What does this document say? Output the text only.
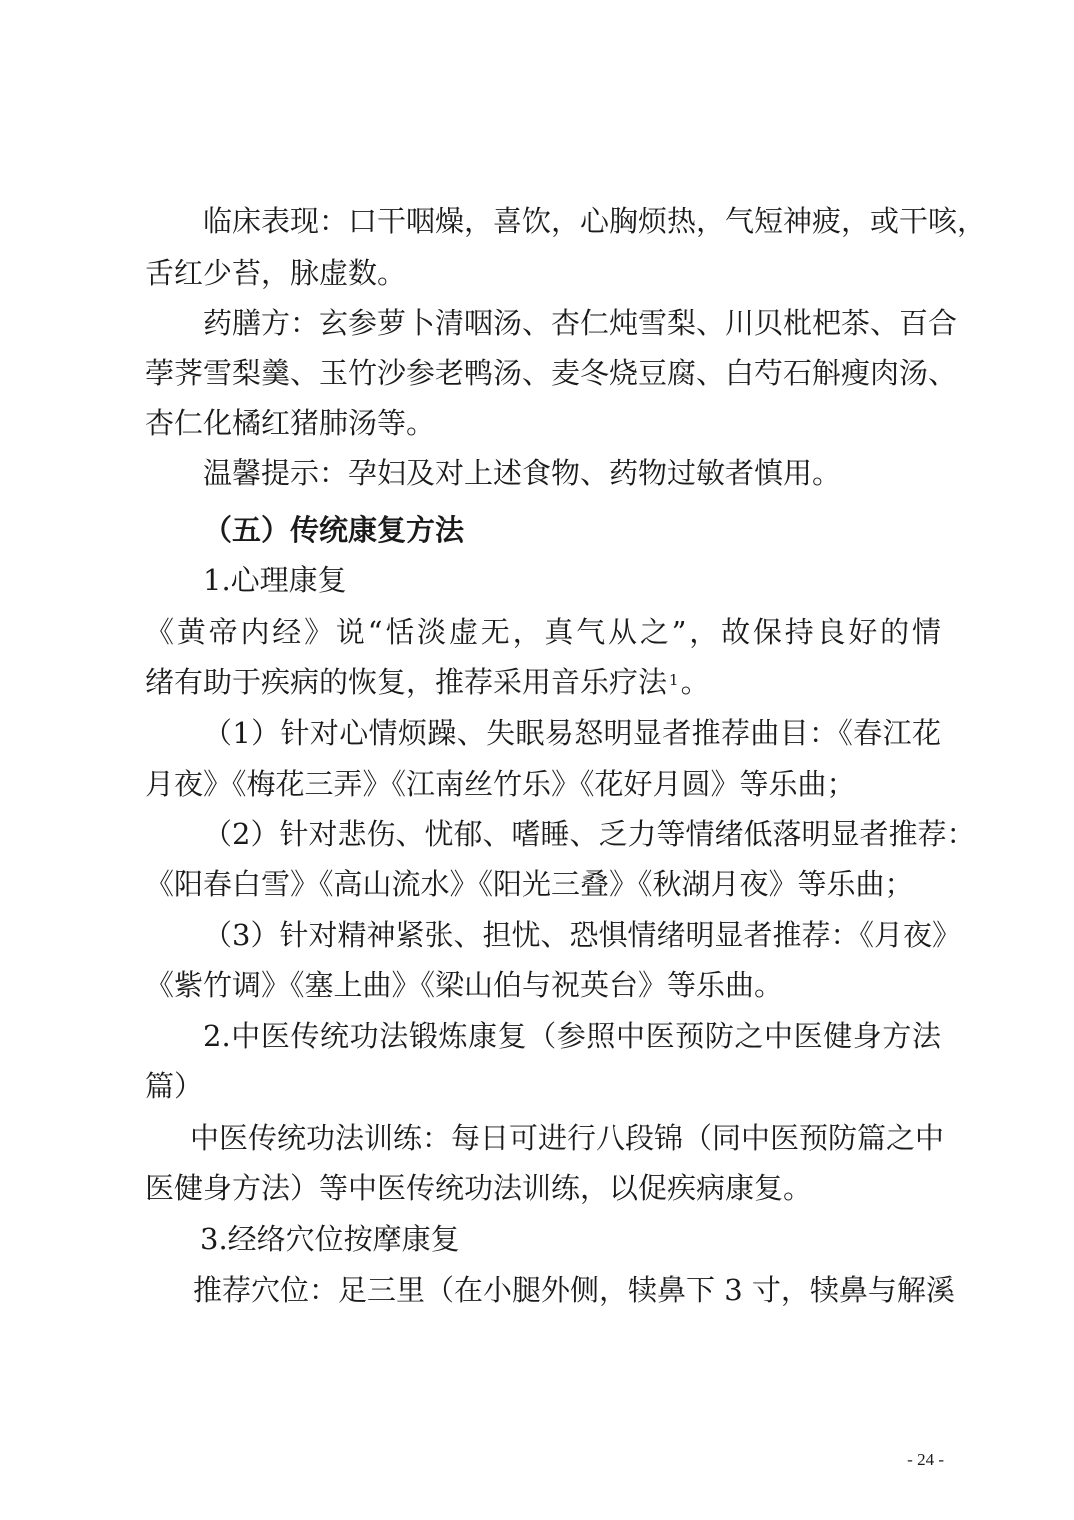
临床表现：口干咽燥，喜饮，心胸烦热，气短神疲，或干咳，

舌红少苔，脉虚数。

药膳方：玄参萝卜清咽汤、杏仁炖雪梨、川贝枇杷茶、百合

荸荠雪梨羹、玉竹沙参老鸭汤、麦冬烧豆腐、白芍石斛瘦肉汤、

杏仁化橘红猪肺汤等。

温馨提示：孕妇及对上述食物、药物过敏者慎用。

（五）传统康复方法

1.心理康复

《黄帝内经》说“恬淡虚无，真气从之”，故保持良好的情

绪有助于疾病的恢复，推荐采用音乐疗法 $^1$。

（1）针对心情烦躁、失眠易怒明显者推荐曲目：《春江花

月夜》《梅花三弄》《江南丝竹乐》《花好月圆》等乐曲；

（2）针对悲伤、忧郁、嗜睡、乏力等情绪低落明显者推荐：

《阳春白雪》《高山流水》《阳光三叠》《秋湖月夜》等乐曲；

（3）针对精神紧张、担忧、恐惧情绪明显者推荐：《月夜》

《紫竹调》《塞上曲》《梁山伯与祝英台》等乐曲。

2.中医传统功法锻炼康复（参照中医预防之中医健身方法

篇）

中医传统功法训练：每日可进行八段锦（同中医预防篇之中

医健身方法）等中医传统功法训练，以促疾病康复。

3.经络穴位按摩康复

推荐穴位：足三里（在小腿外侧，犊鼻下 3 寸，犊鼻与解溪

- 24 -
